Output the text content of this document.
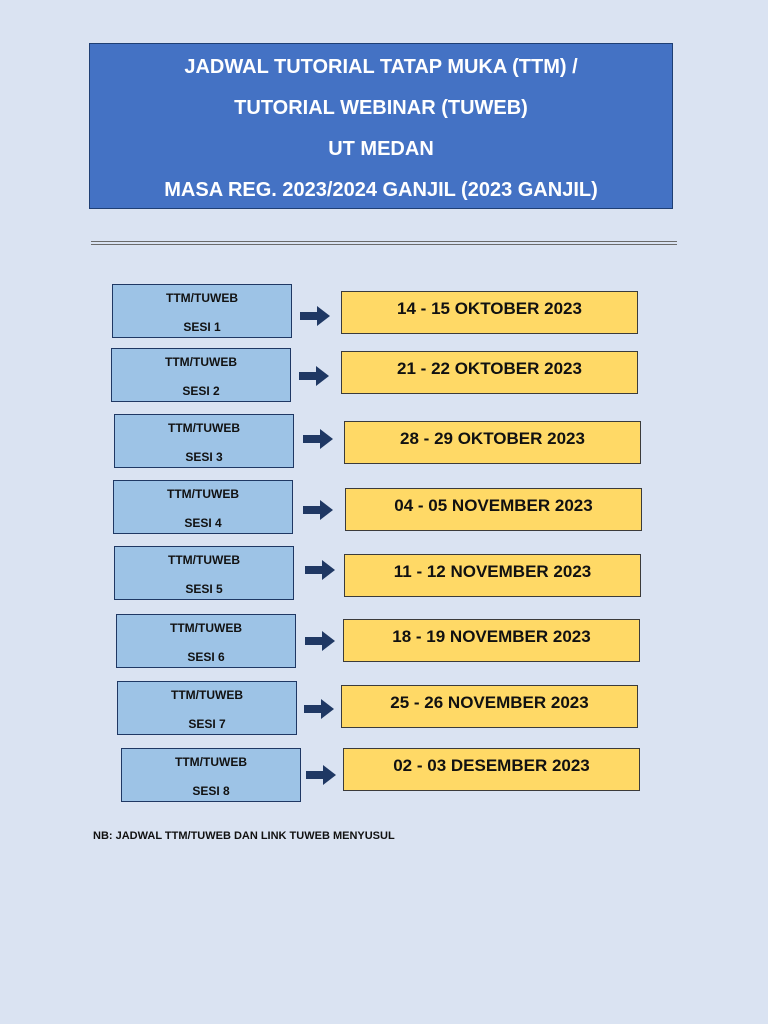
JADWAL TUTORIAL TATAP MUKA (TTM) /
TUTORIAL WEBINAR (TUWEB)
UT MEDAN
MASA REG. 2023/2024 GANJIL (2023 GANJIL)
TTM/TUWEB
SESI 1
14 - 15 OKTOBER 2023
TTM/TUWEB
SESI 2
21 - 22 OKTOBER 2023
TTM/TUWEB
SESI 3
28 - 29 OKTOBER 2023
TTM/TUWEB
SESI 4
04 - 05 NOVEMBER 2023
TTM/TUWEB
SESI 5
11 - 12 NOVEMBER 2023
TTM/TUWEB
SESI 6
18 - 19 NOVEMBER 2023
TTM/TUWEB
SESI 7
25 - 26 NOVEMBER 2023
TTM/TUWEB
SESI 8
02 - 03 DESEMBER 2023
NB: JADWAL TTM/TUWEB DAN LINK TUWEB MENYUSUL
